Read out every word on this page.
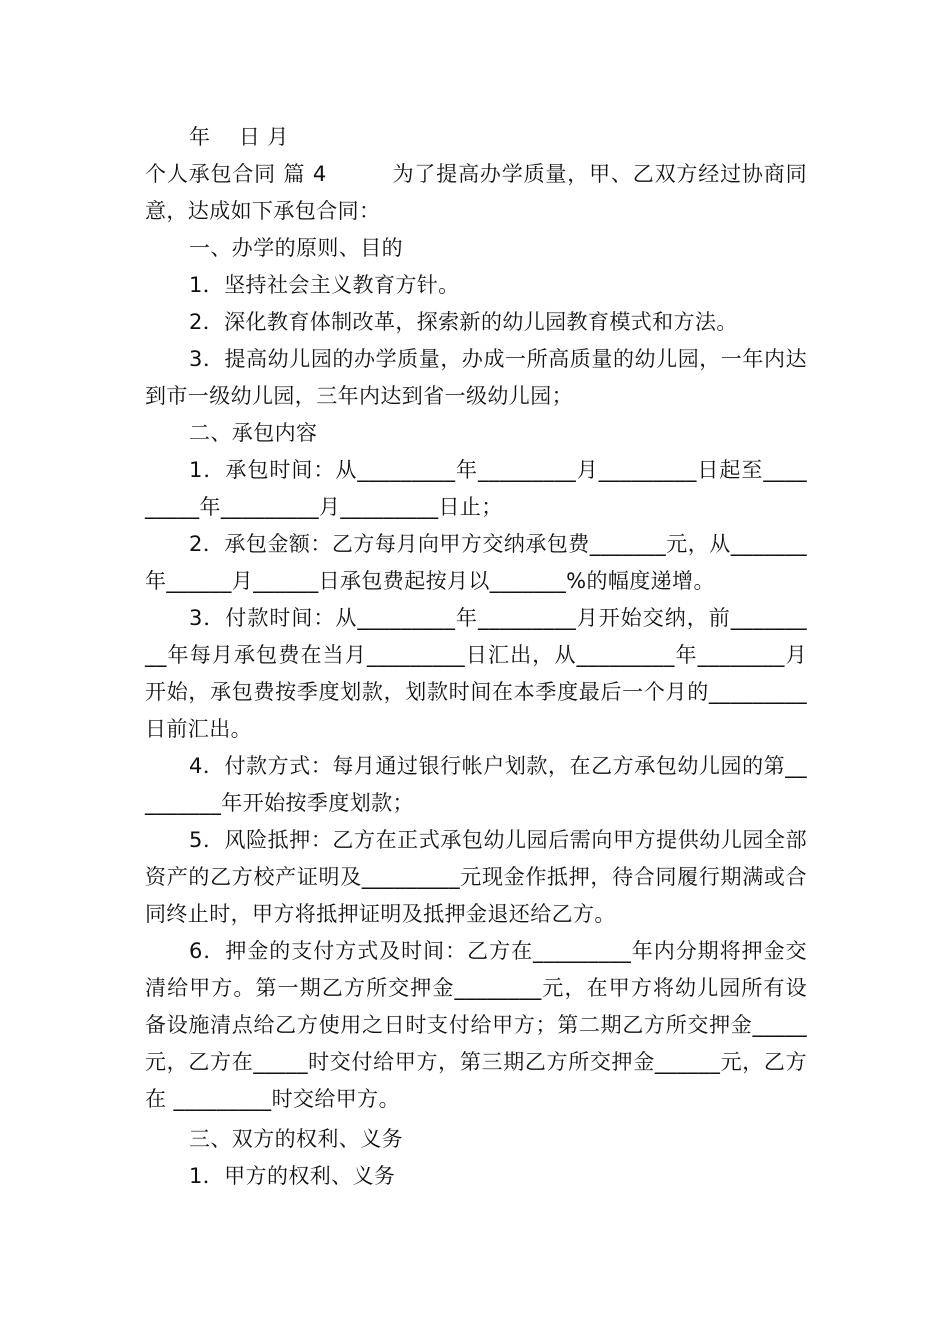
年　 日 月

个人承包合同 篇 4　　　为了提高办学质量，甲、乙双方经过协商同意，达成如下承包合同：

一、办学的原则、目的

1．坚持社会主义教育方针。

2．深化教育体制改革，探索新的幼儿园教育模式和方法。

3．提高幼儿园的办学质量，办成一所高质量的幼儿园，一年内达到市一级幼儿园，三年内达到省一级幼儿园；

二、承包内容

1．承包时间：从_________年_________月_________日起至_________年_________月_________日止；

2．承包金额：乙方每月向甲方交纳承包费_______元，从_______年______月______日承包费起按月以_______%的幅度递增。

3．付款时间：从_________年_________月开始交纳，前_________年每月承包费在当月_________日汇出，从_________年________月开始，承包费按季度划款，划款时间在本季度最后一个月的_________日前汇出。

4．付款方式：每月通过银行帐户划款，在乙方承包幼儿园的第_________年开始按季度划款；

5．风险抵押：乙方在正式承包幼儿园后需向甲方提供幼儿园全部资产的乙方校产证明及_________元现金作抵押，待合同履行期满或合同终止时，甲方将抵押证明及抵押金退还给乙方。

6．押金的支付方式及时间：乙方在_________年内分期将押金交清给甲方。第一期乙方所交押金________元，在甲方将幼儿园所有设备设施清点给乙方使用之日时支付给甲方；第二期乙方所交押金_____元，乙方在_____时交付给甲方，第三期乙方所交押金______元，乙方在 _________时交给甲方。

三、双方的权利、义务

1．甲方的权利、义务
